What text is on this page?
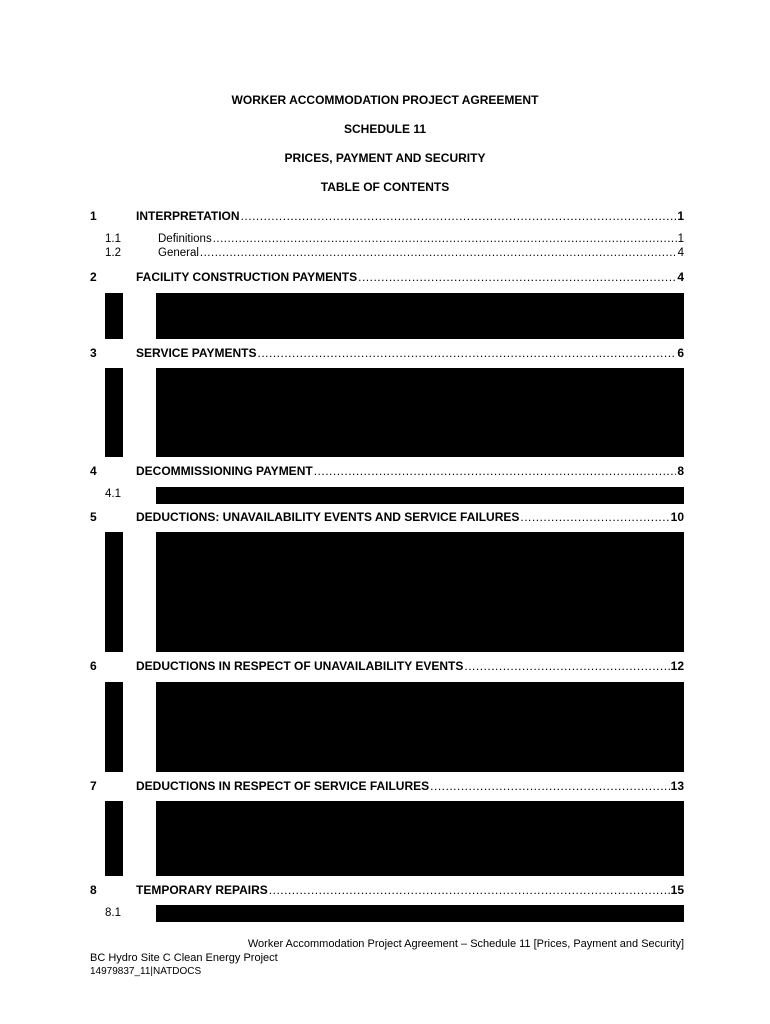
WORKER ACCOMMODATION PROJECT AGREEMENT
SCHEDULE 11
PRICES, PAYMENT AND SECURITY
TABLE OF CONTENTS
1	INTERPRETATION .....	1
1.1	Definitions .....	1
1.2	General .....	4
2	FACILITY CONSTRUCTION PAYMENTS .....	4
3	SERVICE PAYMENTS .....	6
4	DECOMMISSIONING PAYMENT .....	8
4.1
5	DEDUCTIONS: UNAVAILABILITY EVENTS AND SERVICE FAILURES .....	10
6	DEDUCTIONS IN RESPECT OF UNAVAILABILITY EVENTS .....	12
7	DEDUCTIONS IN RESPECT OF SERVICE FAILURES .....	13
8	TEMPORARY REPAIRS .....	15
8.1
Worker Accommodation Project Agreement – Schedule 11 [Prices, Payment and Security]
BC Hydro Site C Clean Energy Project
14979837_11|NATDOCS
